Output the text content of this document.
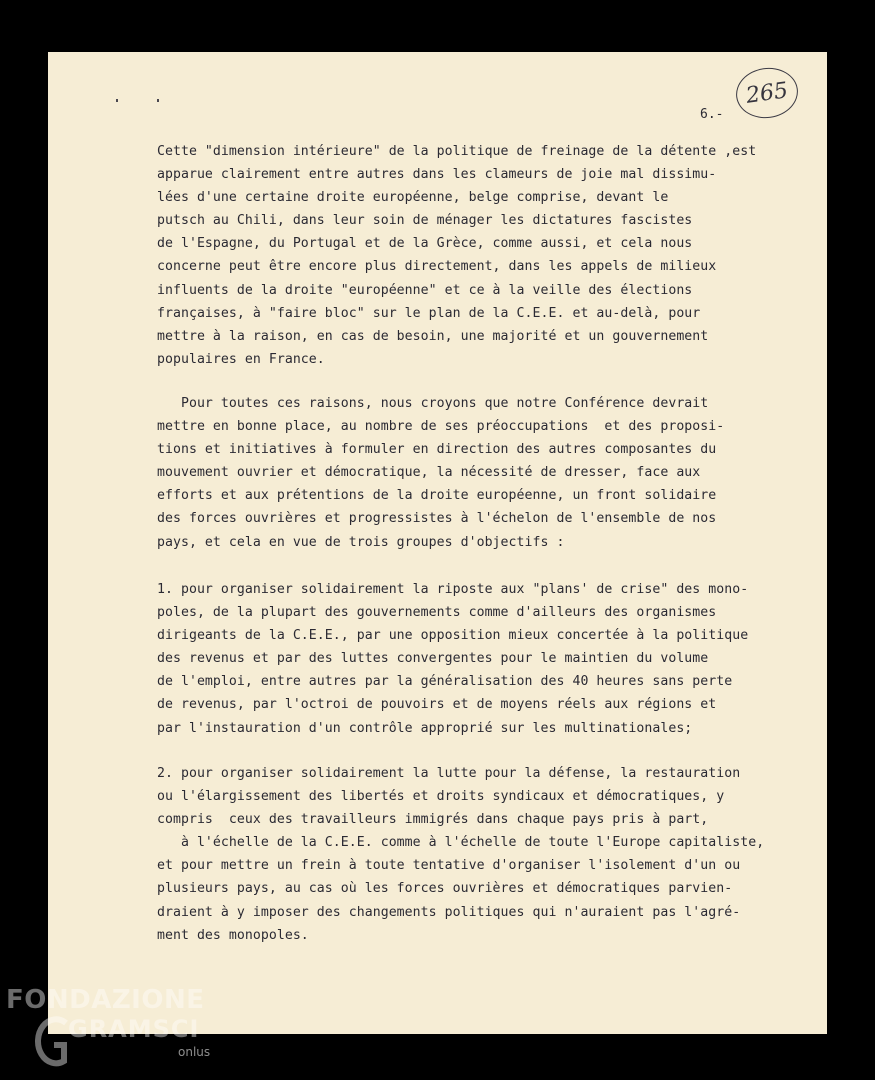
265
6.-
Cette "dimension intérieure" de la politique de freinage de la détente ,est
apparue clairement entre autres dans les clameurs de joie mal dissimu-
lées d'une certaine droite européenne, belge comprise, devant le
putsch au Chili, dans leur soin de ménager les dictatures fascistes
de l'Espagne, du Portugal et de la Grèce, comme aussi, et cela nous
concerne peut être encore plus directement, dans les appels de milieux
influents de la droite "européenne" et ce à la veille des élections
françaises, à "faire bloc" sur le plan de la C.E.E. et au-delà, pour
mettre à la raison, en cas de besoin, une majorité et un gouvernement
populaires en France.
Pour toutes ces raisons, nous croyons que notre Conférence devrait
mettre en bonne place, au nombre de ses préoccupations  et des proposi-
tions et initiatives à formuler en direction des autres composantes du
mouvement ouvrier et démocratique, la nécessité de dresser, face aux
efforts et aux prétentions de la droite européenne, un front solidaire
des forces ouvrières et progressistes à l'échelon de l'ensemble de nos
pays, et cela en vue de trois groupes d'objectifs :
1. pour organiser solidairement la riposte aux "plans' de crise" des mono-
poles, de la plupart des gouvernements comme d'ailleurs des organismes
dirigeants de la C.E.E., par une opposition mieux concertée à la politique
des revenus et par des luttes convergentes pour le maintien du volume
de l'emploi, entre autres par la généralisation des 40 heures sans perte
de revenus, par l'octroi de pouvoirs et de moyens réels aux régions et
par l'instauration d'un contrôle approprié sur les multinationales;
2. pour organiser solidairement la lutte pour la défense, la restauration
ou l'élargissement des libertés et droits syndicaux et démocratiques, y
compris  ceux des travailleurs immigrés dans chaque pays pris à part,
à l'échelle de la C.E.E. comme à l'échelle de toute l'Europe capitaliste,
et pour mettre un frein à toute tentative d'organiser l'isolement d'un ou
plusieurs pays, au cas où les forces ouvrières et démocratiques parvien-
draient à y imposer des changements politiques qui n'auraient pas l'agré-
ment des monopoles.
FONDAZIONE
GRAMSCI
onlus
